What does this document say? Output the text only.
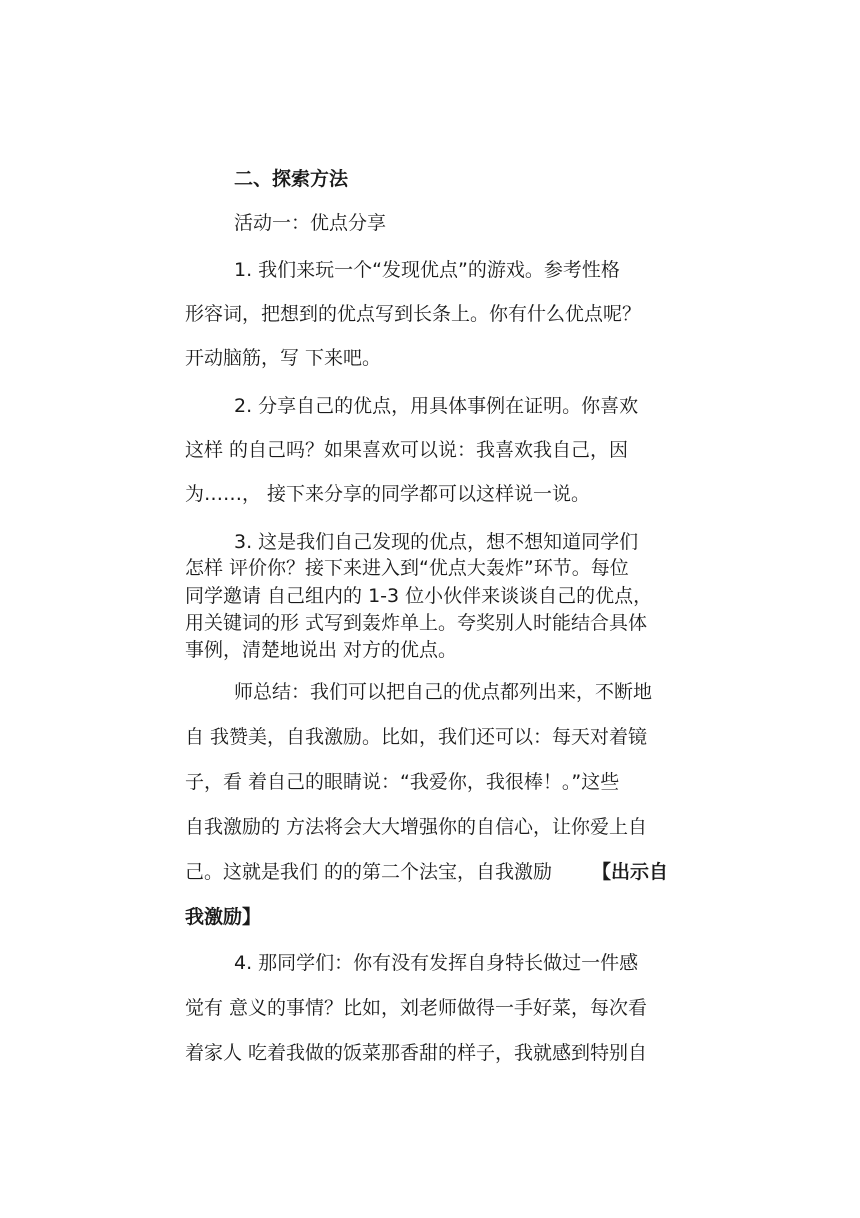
二、探索方法
活动一：优点分享
1. 我们来玩一个“发现优点”的游戏。参考性格
形容词，把想到的优点写到长条上。你有什么优点呢？
开动脑筋，写 下来吧。
2. 分享自己的优点，用具体事例在证明。你喜欢
这样 的自己吗？如果喜欢可以说：我喜欢我自己，因
为……， 接下来分享的同学都可以这样说一说。
3. 这是我们自己发现的优点，想不想知道同学们
怎样 评价你？接下来进入到“优点大轰炸”环节。每位
同学邀请 自己组内的 1-3 位小伙伴来谈谈自己的优点，
用关键词的形 式写到轰炸单上。夸奖别人时能结合具体
事例，清楚地说出 对方的优点。
师总结：我们可以把自己的优点都列出来，不断地
自 我赞美，自我激励。比如，我们还可以：每天对着镜
子，看 着自己的眼睛说：“我爱你，我很棒！。”这些
自我激励的 方法将会大大增强你的自信心，让你爱上自
己。这就是我们 的的第二个法宝，自我激励	【出示自
我激励】
4. 那同学们：你有没有发挥自身特长做过一件感
觉有 意义的事情？比如，刘老师做得一手好菜，每次看
着家人 吃着我做的饭菜那香甜的样子，我就感到特别自
